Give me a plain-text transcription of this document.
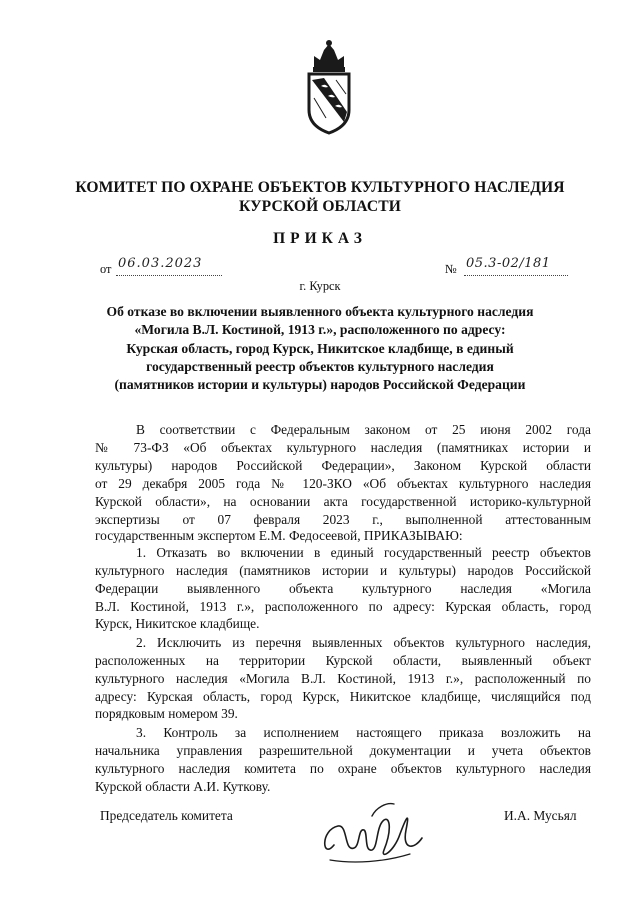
КОМИТЕТ ПО ОХРАНЕ ОБЪЕКТОВ КУЛЬТУРНОГО НАСЛЕДИЯ
КУРСКОЙ ОБЛАСТИ
ПРИКАЗ
от 06.03.2023	№ 05.3-02/181
г. Курск
Об отказе во включении выявленного объекта культурного наследия
«Могила В.Л. Костиной, 1913 г.», расположенного по адресу:
Курская область, город Курск, Никитское кладбище, в единый
государственный реестр объектов культурного наследия
(памятников истории и культуры) народов Российской Федерации
В соответствии с Федеральным законом от 25 июня 2002 года
№ 73-ФЗ «Об объектах культурного наследия (памятниках истории и
культуры) народов Российской Федерации», Законом Курской области
от 29 декабря 2005 года № 120-ЗКО «Об объектах культурного наследия
Курской области», на основании акта государственной историко-культурной
экспертизы от 07 февраля 2023 г., выполненной аттестованным
государственным экспертом Е.М. Федосеевой, ПРИКАЗЫВАЮ:
1. Отказать во включении в единый государственный реестр объектов
культурного наследия (памятников истории и культуры) народов Российской
Федерации выявленного объекта культурного наследия «Могила
В.Л. Костиной, 1913 г.», расположенного по адресу: Курская область, город
Курск, Никитское кладбище.
2. Исключить из перечня выявленных объектов культурного наследия,
расположенных на территории Курской области, выявленный объект
культурного наследия «Могила В.Л. Костиной, 1913 г.», расположенный по
адресу: Курская область, город Курск, Никитское кладбище, числящийся под
порядковым номером 39.
3. Контроль за исполнением настоящего приказа возложить на
начальника управления разрешительной документации и учета объектов
культурного наследия комитета по охране объектов культурного наследия
Курской области А.И. Куткову.
Председатель комитета	И.А. Мусьял
